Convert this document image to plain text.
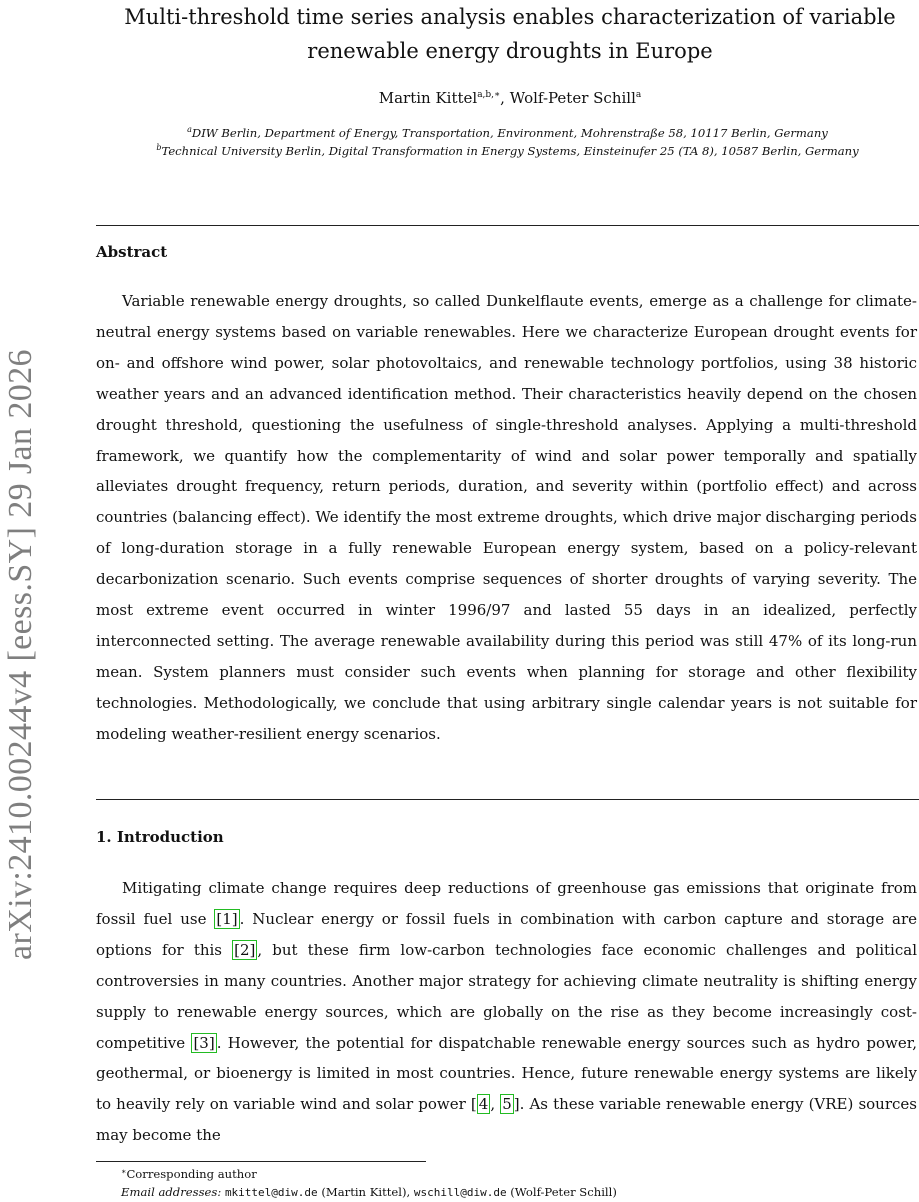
arXiv:2410.00244v4 [eess.SY] 29 Jan 2026
Multi-threshold time series analysis enables characterization of variable
renewable energy droughts in Europe
Martin Kittel$^{a,b,∗}$, Wolf-Peter Schill$^a$
$^a$DIW Berlin, Department of Energy, Transportation, Environment, Mohrenstraße 58, 10117 Berlin, Germany
$^b$Technical University Berlin, Digital Transformation in Energy Systems, Einsteinufer 25 (TA 8), 10587 Berlin, Germany
Abstract

Variable renewable energy droughts, so called Dunkelflaute events, emerge as a challenge for climate-neutral energy systems based on variable renewables. Here we characterize European drought events for on- and offshore wind power, solar photovoltaics, and renewable technology portfolios, using 38 historic weather years and an advanced identification method. Their characteristics heavily depend on the chosen drought threshold, questioning the usefulness of single-threshold analyses. Applying a multi-threshold framework, we quantify how the complementarity of wind and solar power temporally and spatially alleviates drought frequency, return periods, duration, and severity within (portfolio effect) and across countries (balancing effect). We identify the most extreme droughts, which drive major discharging periods of long-duration storage in a fully renewable European energy system, based on a policy-relevant decarbonization scenario. Such events comprise sequences of shorter droughts of varying severity. The most extreme event occurred in winter 1996/97 and lasted 55 days in an idealized, perfectly interconnected setting. The average renewable availability during this period was still 47% of its long-run mean. System planners must consider such events when planning for storage and other flexibility technologies. Methodologically, we conclude that using arbitrary single calendar years is not suitable for modeling weather-resilient energy scenarios.

1. Introduction

Mitigating climate change requires deep reductions of greenhouse gas emissions that originate from fossil fuel use [1] . Nuclear energy or fossil fuels in combination with carbon capture and storage are options for this [2] , but these firm low-carbon technologies face economic challenges and political controversies in many countries. Another major strategy for achieving climate neutrality is shifting energy supply to renewable energy sources, which are globally on the rise as they become increasingly cost-competitive [3] . However, the potential for dispatchable renewable energy sources such as hydro power, geothermal, or bioenergy is limited in most countries. Hence, future renewable energy systems are likely to heavily rely on variable wind and solar power [ 4 , 5 ]. As these variable renewable energy (VRE) sources may become the

∗Corresponding author
Email addresses: mkittel@diw.de (Martin Kittel), wschill@diw.de (Wolf-Peter Schill)
